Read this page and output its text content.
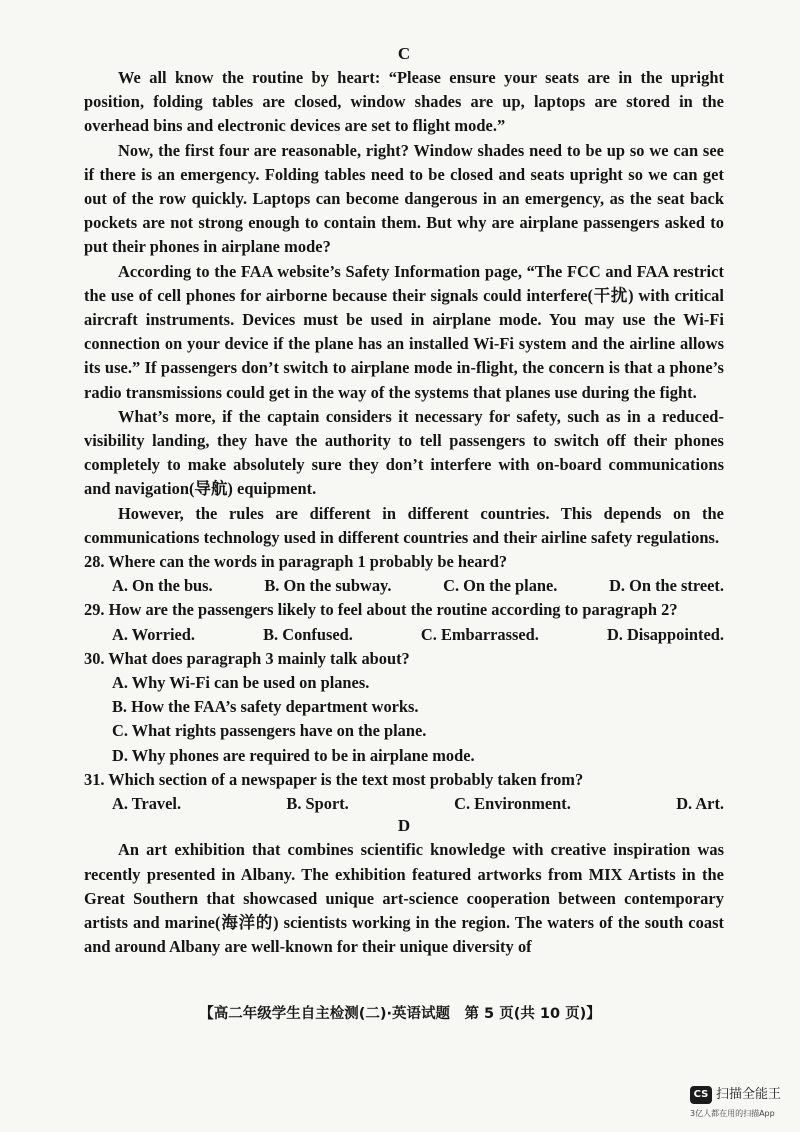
C

We all know the routine by heart: “Please ensure your seats are in the upright position, folding tables are closed, window shades are up, laptops are stored in the overhead bins and electronic devices are set to flight mode.”

Now, the first four are reasonable, right? Window shades need to be up so we can see if there is an emergency. Folding tables need to be closed and seats upright so we can get out of the row quickly. Laptops can become dangerous in an emergency, as the seat back pockets are not strong enough to contain them. But why are airplane passengers asked to put their phones in airplane mode?

According to the FAA website’s Safety Information page, “The FCC and FAA restrict the use of cell phones for airborne because their signals could interfere(干扰) with critical aircraft instruments. Devices must be used in airplane mode. You may use the Wi-Fi connection on your device if the plane has an installed Wi-Fi system and the airline allows its use.” If passengers don’t switch to airplane mode in-flight, the concern is that a phone’s radio transmissions could get in the way of the systems that planes use during the fight.

What’s more, if the captain considers it necessary for safety, such as in a reduced-visibility landing, they have the authority to tell passengers to switch off their phones completely to make absolutely sure they don’t interfere with on-board communications and navigation(导航) equipment.

However, the rules are different in different countries. This depends on the communications technology used in different countries and their airline safety regulations.

28. Where can the words in paragraph 1 probably be heard?

A. On the bus.	B. On the subway.	C. On the plane.	D. On the street.

29. How are the passengers likely to feel about the routine according to paragraph 2?

A. Worried.	B. Confused.	C. Embarrassed.	D. Disappointed.

30. What does paragraph 3 mainly talk about?

A. Why Wi-Fi can be used on planes.

B. How the FAA’s safety department works.

C. What rights passengers have on the plane.

D. Why phones are required to be in airplane mode.

31. Which section of a newspaper is the text most probably taken from?

A. Travel.	B. Sport.	C. Environment.	D. Art.
D

An art exhibition that combines scientific knowledge with creative inspiration was recently presented in Albany. The exhibition featured artworks from MIX Artists in the Great Southern that showcased unique art-science cooperation between contemporary artists and marine(海洋的) scientists working in the region. The waters of the south coast and around Albany are well-known for their unique diversity of

【高二年级学生自主检测(二)·英语试题　第 5 页(共 10 页)】
CS 扫描全能王
3亿人都在用的扫描App
